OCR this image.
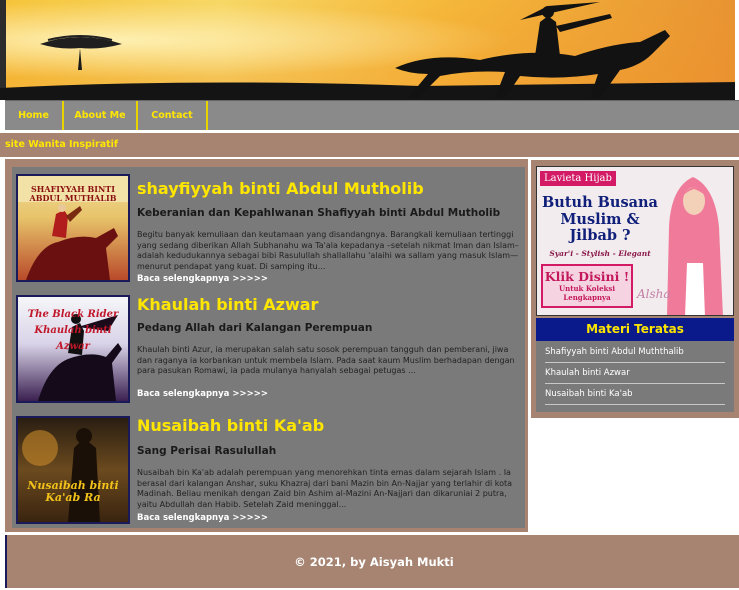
Home	About Me	Contact
site Wanita Inspiratif
SHAFIYYAH BINTI ABDUL MUTHALIB	shayfiyyah binti Abdul Mutholib
Keberanian dan Kepahlwanan Shafiyyah binti Abdul Mutholib
Begitu banyak kemuliaan dan keutamaan yang disandangnya. Barangkali kemuliaan tertinggi yang sedang diberikan Allah Subhanahu wa Ta'ala kepadanya –setelah nikmat Iman dan Islam– adalah kedudukannya sebagai bibi Rasulullah shallallahu 'alaihi wa sallam yang masuk Islam—menurut pendapat yang kuat. Di samping itu...
Baca selengkapnya >>>>>
The Black Rider Khaulah binti Azwar
Khaulah binti Azwar
Pedang Allah dari Kalangan Perempuan
Khaulah binti Azur, ia merupakan salah satu sosok perempuan tangguh dan pemberani, jiwa dan raganya ia korbankan untuk membela Islam. Pada saat kaum Muslim berhadapan dengan para pasukan Romawi, ia pada mulanya hanyalah sebagai petugas ...
Baca selengkapnya >>>>>
Nusaibah binti Ka'ab Ra
Nusaibah binti Ka'ab
Sang Perisai Rasulullah
Nusaibah bin Ka'ab adalah perempuan yang menorehkan tinta emas dalam sejarah Islam . Ia berasal dari kalangan Anshar, suku Khazraj dari bani Mazin bin An-Najjar yang terlahir di kota Madinah. Beliau menikah dengan Zaid bin Ashim al-Mazini An-Najjari dan dikaruniai 2 putra, yaitu Abdullah dan Habib. Setelah Zaid meninggal...
Baca selengkapnya >>>>>
Lavieta Hijab
Butuh Busana Muslim & Jilbab ?
Syar'i - Stylish - Elegant
Klik Disini !
Untuk Koleksi Lengkapnya	Alsha
Materi Teratas
Shafiyyah binti Abdul Muththalib
Khaulah binti Azwar
Nusaibah binti Ka'ab
© 2021, by Aisyah Mukti
